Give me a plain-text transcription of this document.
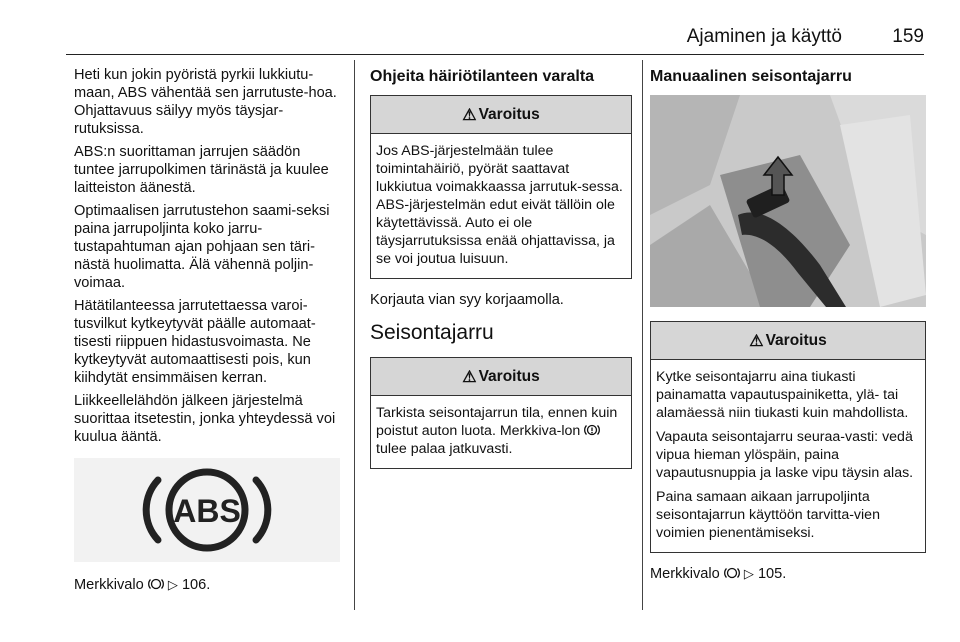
Ajaminen ja käyttö	159

Heti kun jokin pyöristä pyrkii lukkiutu-maan, ABS vähentää sen jarrutuste-hoa. Ohjattavuus säilyy myös täysjar-rutuksissa.

ABS:n suorittaman jarrujen säädön tuntee jarrupolkimen tärinästä ja kuulee laitteiston äänestä.

Optimaalisen jarrutustehon saami-seksi paina jarrupoljinta koko jarru-tustapahtuman ajan pohjaan sen täri-nästä huolimatta. Älä vähennä poljin-voimaa.

Hätätilanteessa jarrutettaessa varoi-tusvilkut kytkeytyvät päälle automaat-tisesti riippuen hidastusvoimasta. Ne kytkeytyvät automaattisesti pois, kun kiihdytät ensimmäisen kerran.

Liikkeellelähdön jälkeen järjestelmä suorittaa itsetestin, jonka yhteydessä voi kuulua ääntä.

ABS

Merkkivalo ▷ 106.

Ohjeita häiriötilanteen varalta
⚠ Varoitus

Jos ABS-järjestelmään tulee toimintahäiriö, pyörät saattavat lukkiutua voimakkaassa jarrutuk-sessa. ABS-järjestelmän edut eivät tällöin ole käytettävissä. Auto ei ole täysjarrutuksissa enää ohjattavissa, ja se voi joutua luisuun.

Korjauta vian syy korjaamolla.

Seisontajarru
⚠ Varoitus

Tarkista seisontajarrun tila, ennen kuin poistut auton luota. Merkkiva-lon  tulee palaa jatkuvasti.

Manuaalinen seisontajarru
⚠ Varoitus

Kytke seisontajarru aina tiukasti painamatta vapautuspainiketta, ylä- tai alamäessä niin tiukasti kuin mahdollista.

Vapauta seisontajarru seuraa-vasti: vedä vipua hieman ylöspäin, paina vapautusnuppia ja laske vipu täysin alas.

Paina samaan aikaan jarrupoljinta seisontajarrun käyttöön tarvitta-vien voimien pienentämiseksi.

Merkkivalo ▷ 105.
